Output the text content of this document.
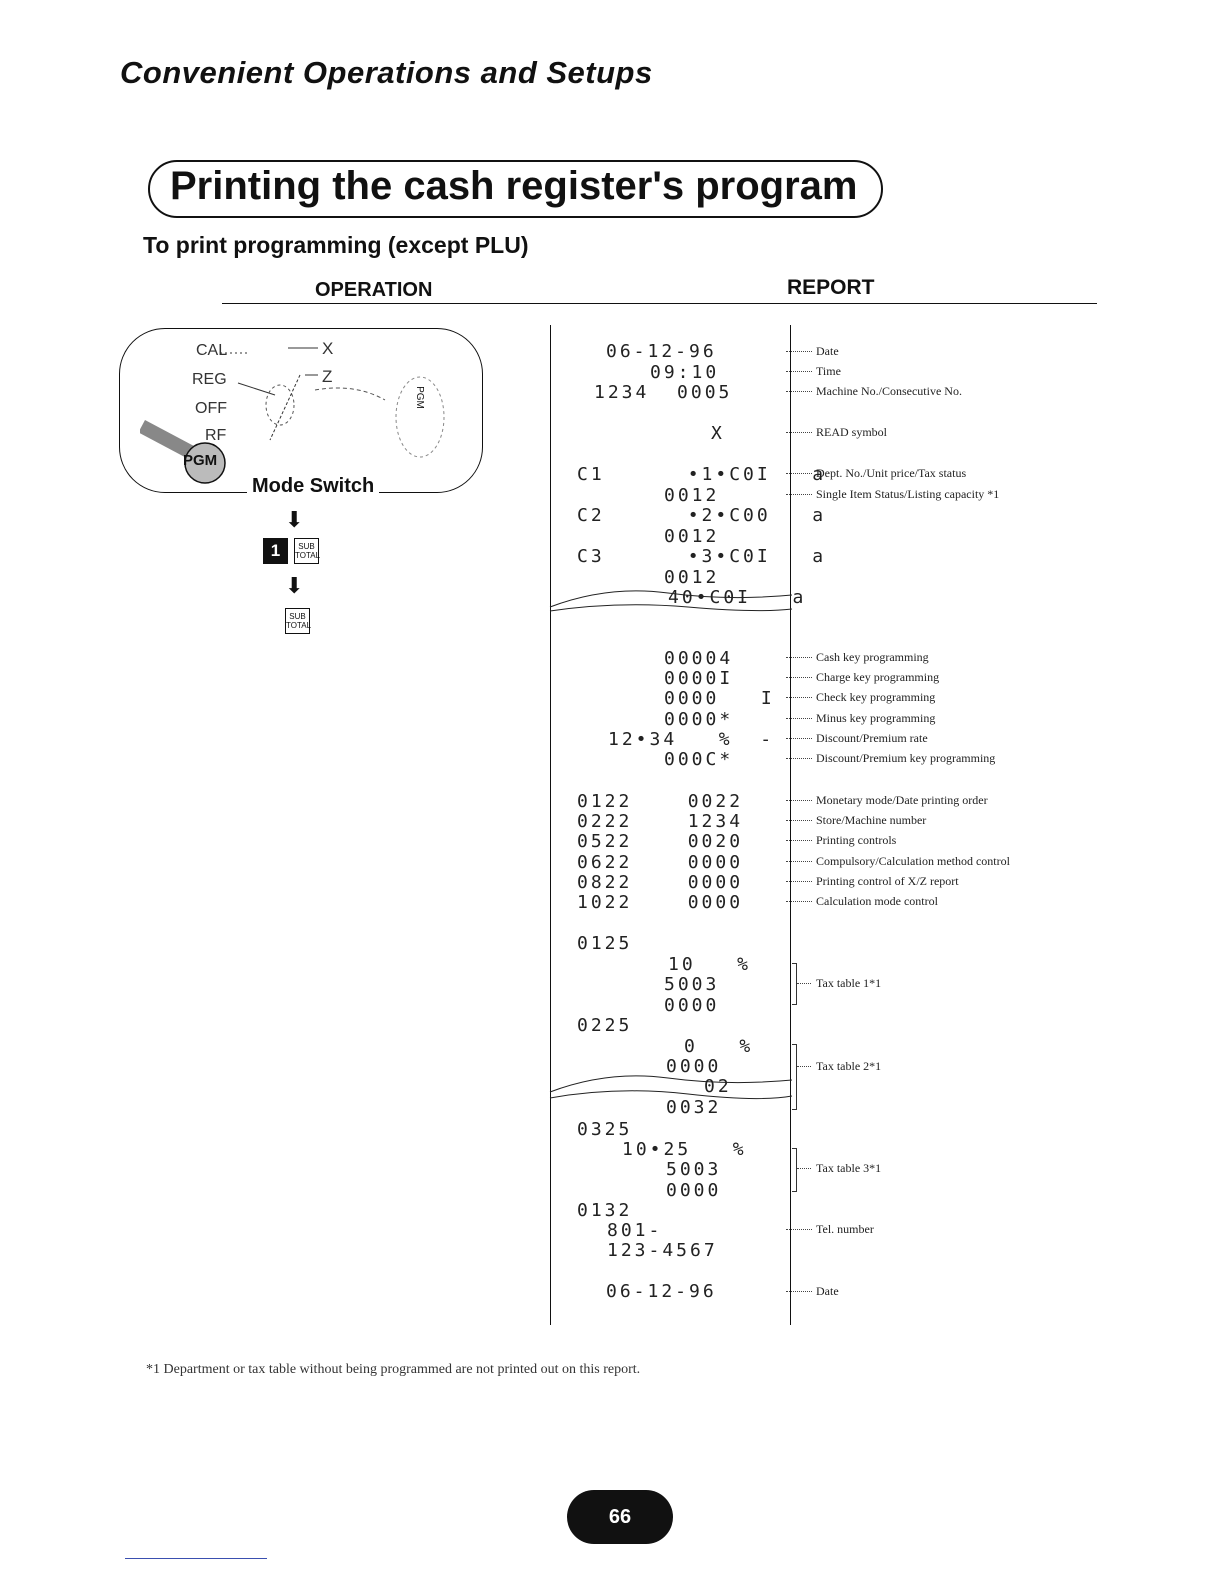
Convenient Operations and Setups
Printing the cash register's program
To print programming (except PLU)
OPERATION	REPORT
CAL
REG
OFF
RF
X
Z
PGM
PGM
Mode Switch
⬇
1	SUB
TOTAL
⬇
SUB
TOTAL
06-12-96
09:10
1234  0005
X
C1      •1•C0I   a
0012
C2      •2•C00   a
0012
C3      •3•C0I   a
0012
40•C0I   a
00004
0000I
0000   I
0000*
12•34   %  -
000C*
0122    0022
0222    1234
0522    0020
0622    0000
0822    0000
1022    0000
0125
10   %
5003
0000
0225
0   %
0000
02
0032
0325
10•25   %
5003
0000
0132
801-
123-4567
06-12-96
Date
Time
Machine No./Consecutive No.
READ symbol
Dept. No./Unit price/Tax status
Single Item Status/Listing capacity *1
Cash key programming
Charge key programming
Check key programming
Minus key programming
Discount/Premium rate
Discount/Premium key programming
Monetary mode/Date printing order
Store/Machine number
Printing controls
Compulsory/Calculation method control
Printing control of X/Z report
Calculation mode control
Tax table 1*1
Tax table 2*1
Tax table 3*1
Tel. number
Date
*1 Department or tax table without being programmed are not printed out on this report.
66
